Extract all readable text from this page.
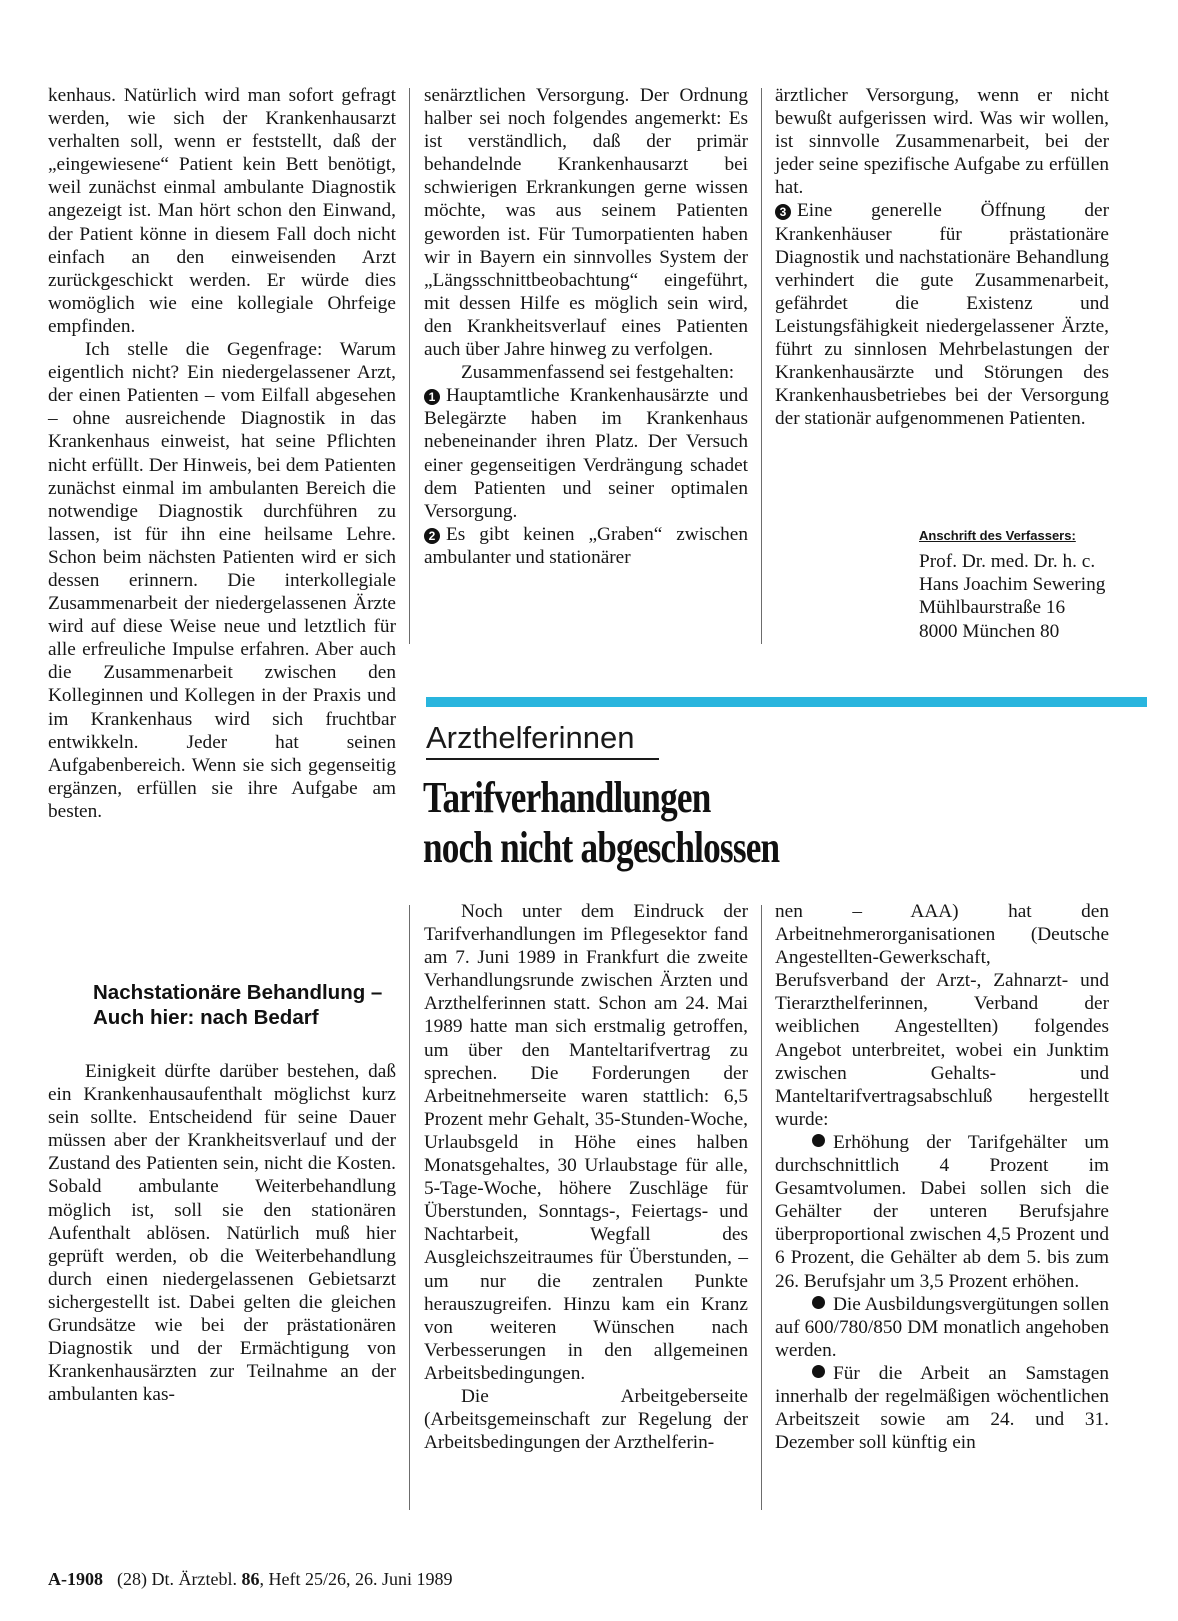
kenhaus. Natürlich wird man sofort gefragt werden, wie sich der Krankenhausarzt verhalten soll, wenn er feststellt, daß der „eingewiesene“ Patient kein Bett benötigt, weil zunächst einmal ambulante Diagnostik angezeigt ist. Man hört schon den Einwand, der Patient könne in diesem Fall doch nicht einfach an den einweisenden Arzt zurückgeschickt werden. Er würde dies womöglich wie eine kollegiale Ohrfeige empfinden.

Ich stelle die Gegenfrage: Warum eigentlich nicht? Ein niedergelassener Arzt, der einen Patienten – vom Eilfall abgesehen – ohne ausreichende Diagnostik in das Krankenhaus einweist, hat seine Pflichten nicht erfüllt. Der Hinweis, bei dem Patienten zunächst einmal im ambulanten Bereich die notwendige Diagnostik durchführen zu lassen, ist für ihn eine heilsame Lehre. Schon beim nächsten Patienten wird er sich dessen erinnern. Die interkollegiale Zusammenarbeit der niedergelassenen Ärzte wird auf diese Weise neue und letztlich für alle erfreuliche Impulse erfahren. Aber auch die Zusammenarbeit zwischen den Kolleginnen und Kollegen in der Praxis und im Krankenhaus wird sich fruchtbar entwikkeln. Jeder hat seinen Aufgabenbereich. Wenn sie sich gegenseitig ergänzen, erfüllen sie ihre Aufgabe am besten.

Nachstationäre Behandlung – Auch hier: nach Bedarf

Einigkeit dürfte darüber bestehen, daß ein Krankenhausaufenthalt möglichst kurz sein sollte. Entscheidend für seine Dauer müssen aber der Krankheitsverlauf und der Zustand des Patienten sein, nicht die Kosten. Sobald ambulante Weiterbehandlung möglich ist, soll sie den stationären Aufenthalt ablösen. Natürlich muß hier geprüft werden, ob die Weiterbehandlung durch einen niedergelassenen Gebietsarzt sichergestellt ist. Dabei gelten die gleichen Grundsätze wie bei der prästationären Diagnostik und der Ermächtigung von Krankenhausärzten zur Teilnahme an der ambulanten kas-

senärztlichen Versorgung. Der Ordnung halber sei noch folgendes angemerkt: Es ist verständlich, daß der primär behandelnde Krankenhausarzt bei schwierigen Erkrankungen gerne wissen möchte, was aus seinem Patienten geworden ist. Für Tumorpatienten haben wir in Bayern ein sinnvolles System der „Längsschnittbeobachtung“ eingeführt, mit dessen Hilfe es möglich sein wird, den Krankheitsverlauf eines Patienten auch über Jahre hinweg zu verfolgen.

Zusammenfassend sei festgehalten:

1 Hauptamtliche Krankenhausärzte und Belegärzte haben im Krankenhaus nebeneinander ihren Platz. Der Versuch einer gegenseitigen Verdrängung schadet dem Patienten und seiner optimalen Versorgung.

2 Es gibt keinen „Graben“ zwischen ambulanter und stationärer

ärztlicher Versorgung, wenn er nicht bewußt aufgerissen wird. Was wir wollen, ist sinnvolle Zusammenarbeit, bei der jeder seine spezifische Aufgabe zu erfüllen hat.

3 Eine generelle Öffnung der Krankenhäuser für prästationäre Diagnostik und nachstationäre Behandlung verhindert die gute Zusammenarbeit, gefährdet die Existenz und Leistungsfähigkeit niedergelassener Ärzte, führt zu sinnlosen Mehrbelastungen der Krankenhausärzte und Störungen des Krankenhausbetriebes bei der Versorgung der stationär aufgenommenen Patienten.

Anschrift des Verfassers:
Prof. Dr. med. Dr. h. c.
Hans Joachim Sewering
Mühlbaurstraße 16
8000 München 80
Arzthelferinnen
Tarifverhandlungen
noch nicht abgeschlossen

Noch unter dem Eindruck der Tarifverhandlungen im Pflegesektor fand am 7. Juni 1989 in Frankfurt die zweite Verhandlungsrunde zwischen Ärzten und Arzthelferinnen statt. Schon am 24. Mai 1989 hatte man sich erstmalig getroffen, um über den Manteltarifvertrag zu sprechen. Die Forderungen der Arbeitnehmerseite waren stattlich: 6,5 Prozent mehr Gehalt, 35-Stunden-Woche, Urlaubsgeld in Höhe eines halben Monatsgehaltes, 30 Urlaubstage für alle, 5-Tage-Woche, höhere Zuschläge für Überstunden, Sonntags-, Feiertags- und Nachtarbeit, Wegfall des Ausgleichszeitraumes für Überstunden, – um nur die zentralen Punkte herauszugreifen. Hinzu kam ein Kranz von weiteren Wünschen nach Verbesserungen in den allgemeinen Arbeitsbedingungen.

Die Arbeitgeberseite (Arbeitsgemeinschaft zur Regelung der Arbeitsbedingungen der Arzthelferin-

nen – AAA) hat den Arbeitnehmerorganisationen (Deutsche Angestellten-Gewerkschaft, Berufsverband der Arzt-, Zahnarzt- und Tierarzthelferinnen, Verband der weiblichen Angestellten) folgendes Angebot unterbreitet, wobei ein Junktim zwischen Gehalts- und Manteltarifvertragsabschluß hergestellt wurde:

Erhöhung der Tarifgehälter um durchschnittlich 4 Prozent im Gesamtvolumen. Dabei sollen sich die Gehälter der unteren Berufsjahre überproportional zwischen 4,5 Prozent und 6 Prozent, die Gehälter ab dem 5. bis zum 26. Berufsjahr um 3,5 Prozent erhöhen.

Die Ausbildungsvergütungen sollen auf 600/780/850 DM monatlich angehoben werden.

Für die Arbeit an Samstagen innerhalb der regelmäßigen wöchentlichen Arbeitszeit sowie am 24. und 31. Dezember soll künftig ein

A-1908 (28) Dt. Ärztebl. 86, Heft 25/26, 26. Juni 1989
